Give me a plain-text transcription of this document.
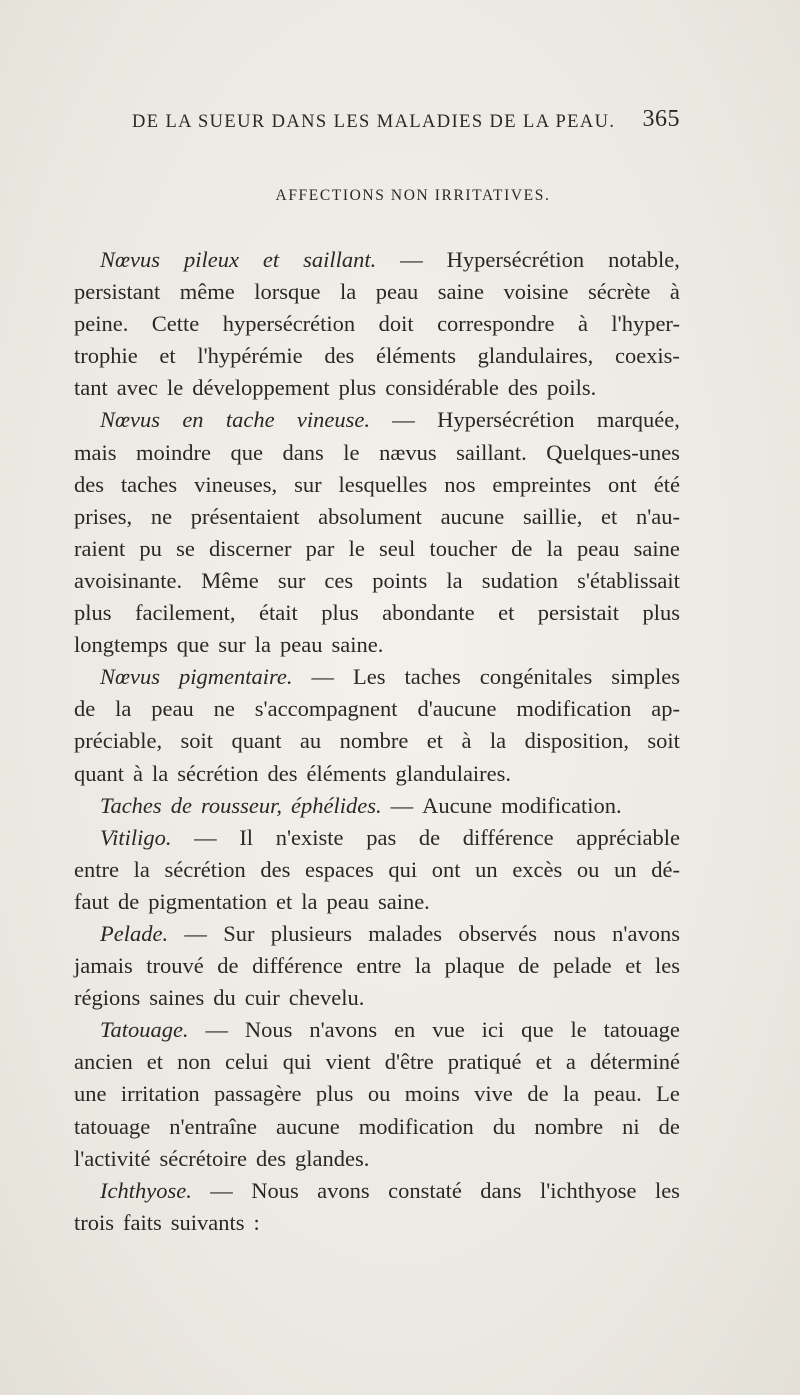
DE LA SUEUR DANS LES MALADIES DE LA PEAU. 365
AFFECTIONS NON IRRITATIVES.
Nœvus pileux et saillant. — Hypersécrétion notable,
persistant même lorsque la peau saine voisine sécrète à
peine. Cette hypersécrétion doit correspondre à l'hyper-
trophie et l'hypérémie des éléments glandulaires, coexis-
tant avec le développement plus considérable des poils.
Nœvus en tache vineuse. — Hypersécrétion marquée,
mais moindre que dans le nævus saillant. Quelques-unes
des taches vineuses, sur lesquelles nos empreintes ont été
prises, ne présentaient absolument aucune saillie, et n'au-
raient pu se discerner par le seul toucher de la peau saine
avoisinante. Même sur ces points la sudation s'établissait
plus facilement, était plus abondante et persistait plus
longtemps que sur la peau saine.
Nœvus pigmentaire. — Les taches congénitales simples
de la peau ne s'accompagnent d'aucune modification ap-
préciable, soit quant au nombre et à la disposition, soit
quant à la sécrétion des éléments glandulaires.
Taches de rousseur, éphélides. — Aucune modification.
Vitiligo. — Il n'existe pas de différence appréciable
entre la sécrétion des espaces qui ont un excès ou un dé-
faut de pigmentation et la peau saine.
Pelade. — Sur plusieurs malades observés nous n'avons
jamais trouvé de différence entre la plaque de pelade et les
régions saines du cuir chevelu.
Tatouage. — Nous n'avons en vue ici que le tatouage
ancien et non celui qui vient d'être pratiqué et a déterminé
une irritation passagère plus ou moins vive de la peau. Le
tatouage n'entraîne aucune modification du nombre ni de
l'activité sécrétoire des glandes.
Ichthyose. — Nous avons constaté dans l'ichthyose les
trois faits suivants :
